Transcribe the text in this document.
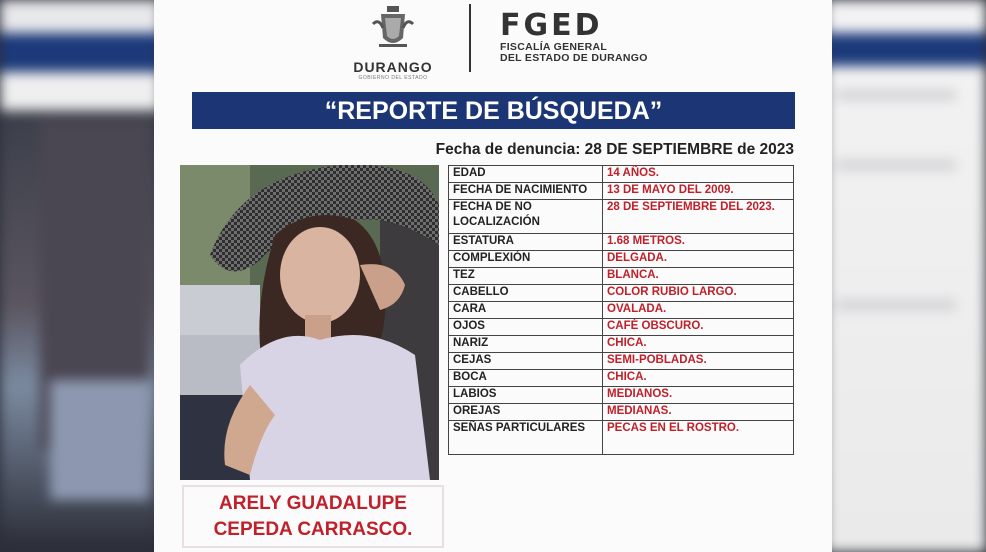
DURANGO
GOBIERNO DEL ESTADO
FGED
FISCALÍA GENERAL
DEL ESTADO DE DURANGO
“REPORTE DE BÚSQUEDA”
Fecha de denuncia: 28 DE SEPTIEMBRE de 2023
EDAD	14 AÑOS.
FECHA DE NACIMIENTO	13 DE MAYO DEL 2009.
FECHA DE NO LOCALIZACIÓN	28 DE SEPTIEMBRE DEL 2023.
ESTATURA	1.68 METROS.
COMPLEXIÓN	DELGADA.
TEZ	BLANCA.
CABELLO	COLOR RUBIO LARGO.
CARA	OVALADA.
OJOS	CAFÉ OBSCURO.
NARIZ	CHICA.
CEJAS	SEMI-POBLADAS.
BOCA	CHICA.
LABIOS	MEDIANOS.
OREJAS	MEDIANAS.
SEÑAS PARTICULARES	PECAS EN EL ROSTRO.
ARELY GUADALUPE
CEPEDA CARRASCO.
